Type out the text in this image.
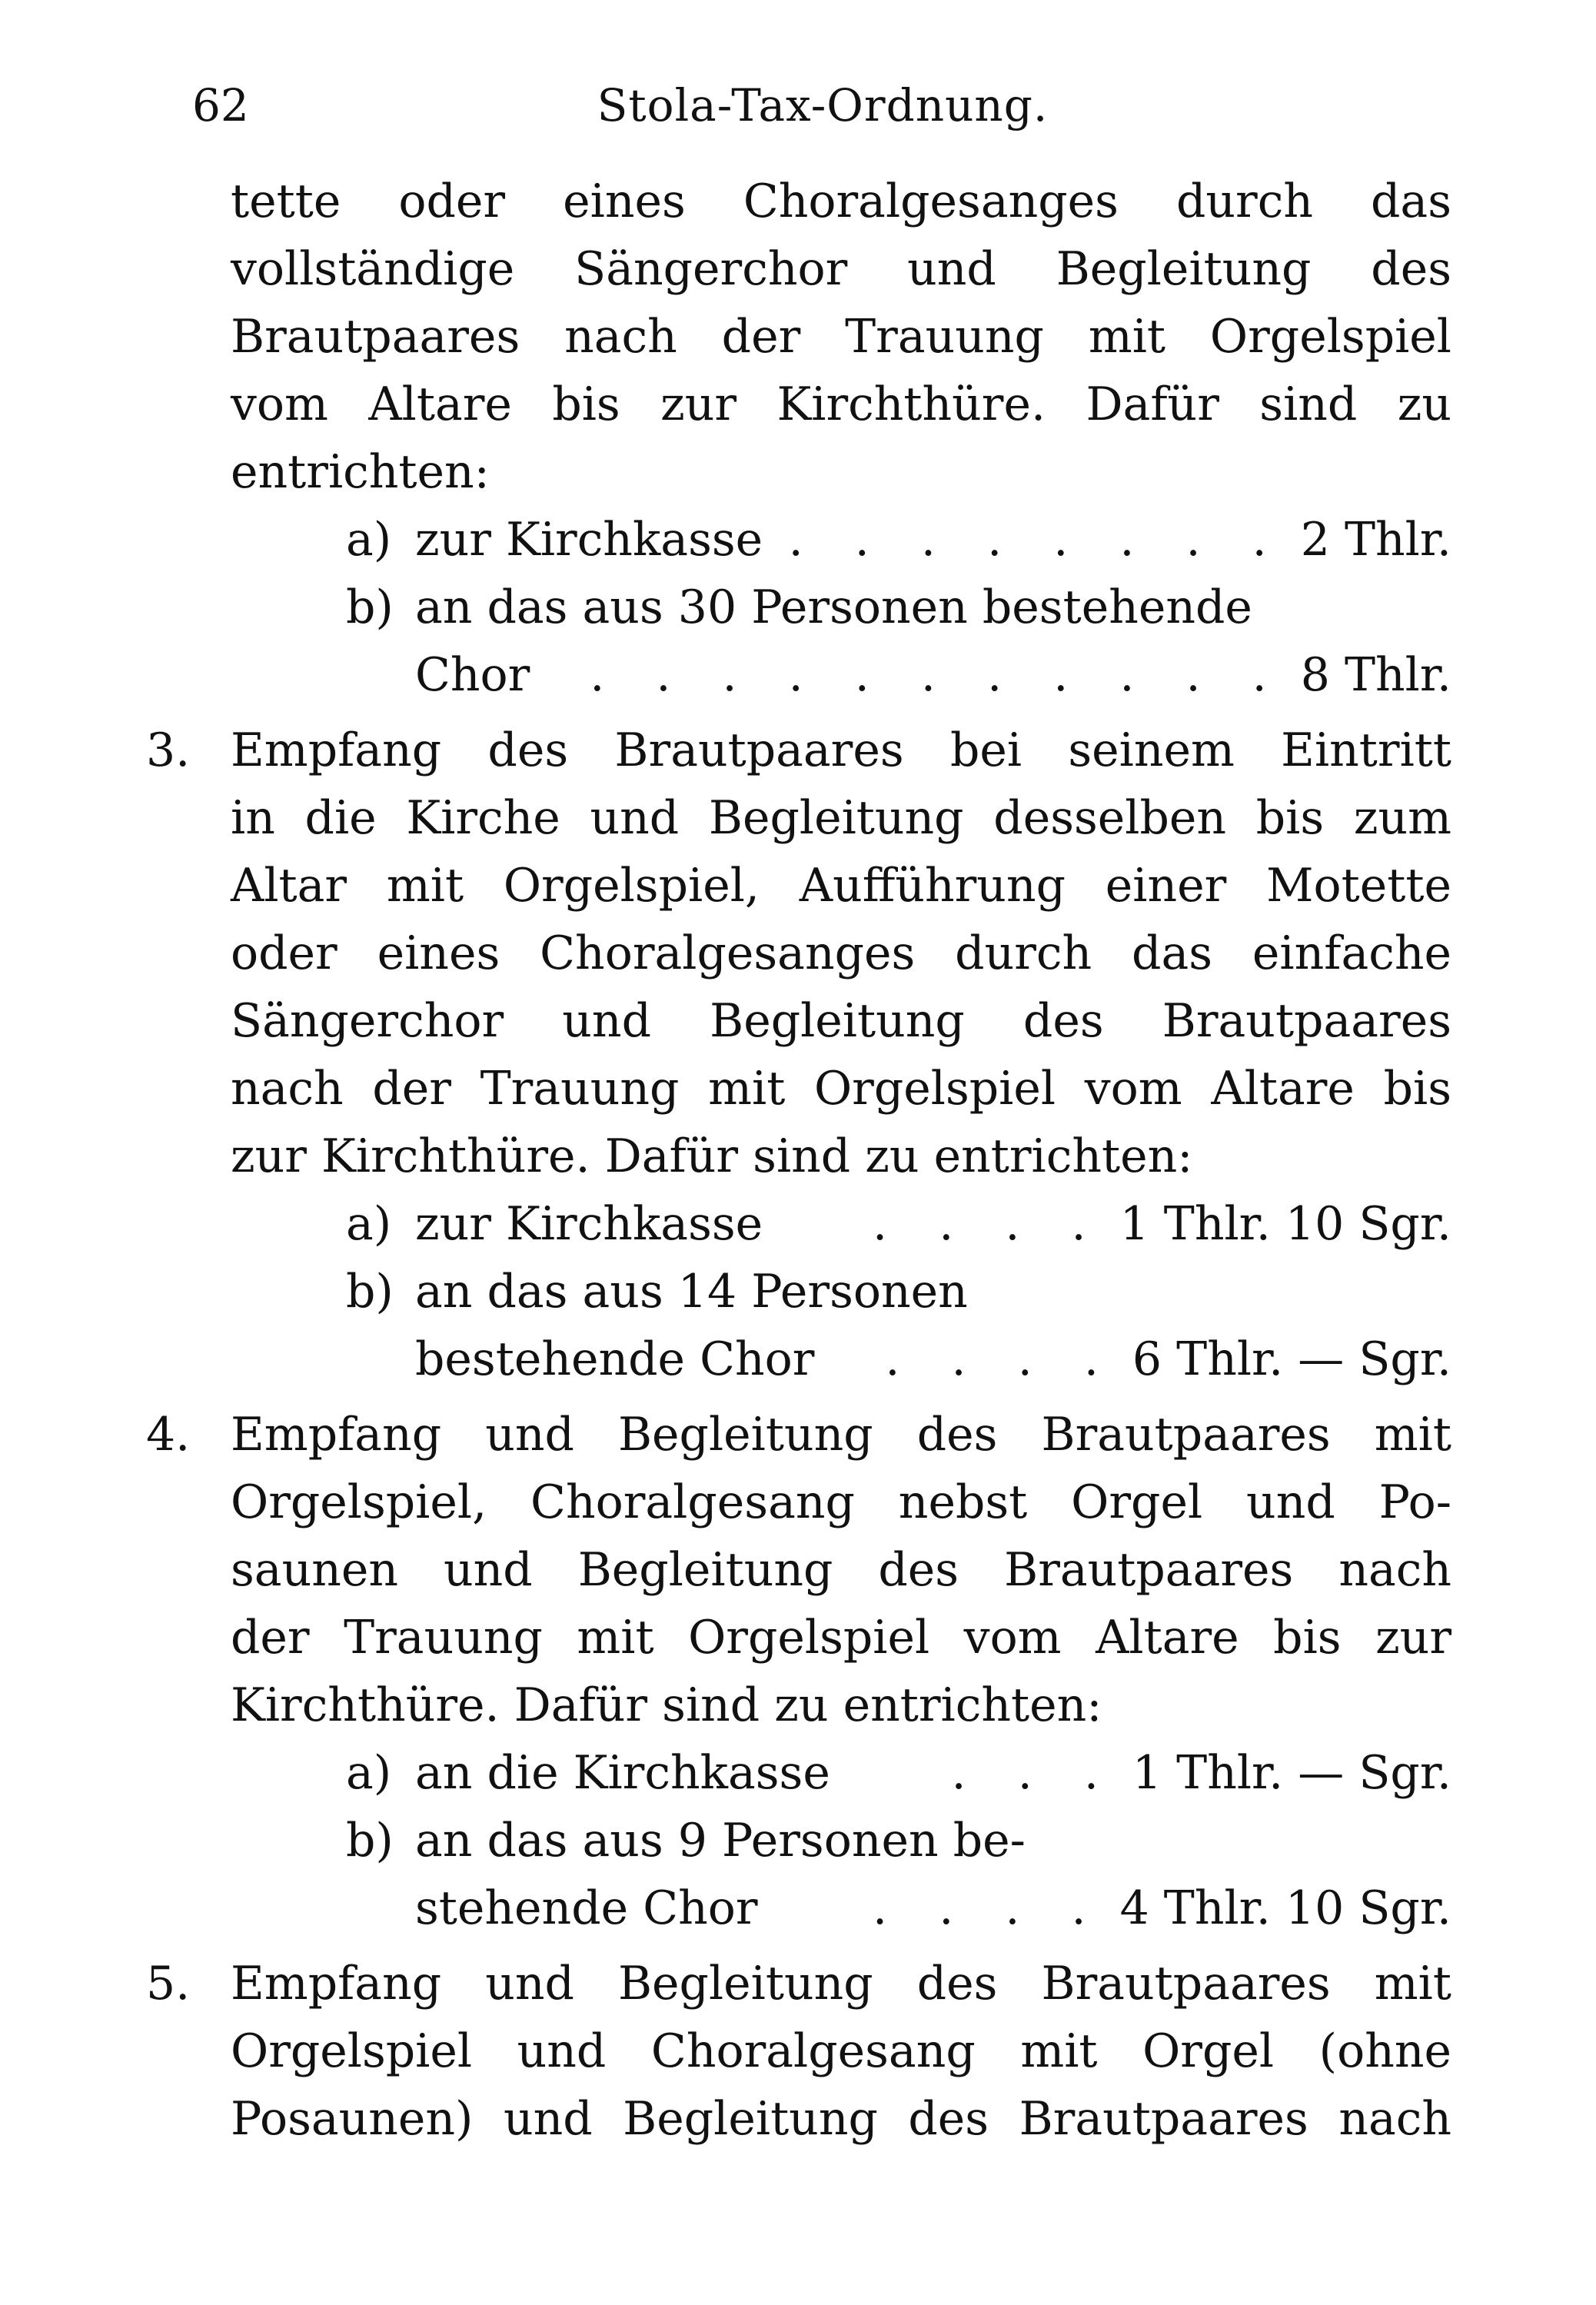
62	Stola-Tax-Ordnung.
tette oder eines Choralgesanges durch das
vollständige Sängerchor und Begleitung des
Brautpaares nach der Trauung mit Orgelspiel
vom Altare bis zur Kirchthüre. Dafür sind zu
entrichten:
a) zur Kirchkasse . . . . . . . . 2 Thlr.
b) an das aus 30 Personen bestehende
Chor	. . . . . . . . . . . 8 Thlr.
3. Empfang des Brautpaares bei seinem Eintritt
in die Kirche und Begleitung desselben bis zum
Altar mit Orgelspiel, Aufführung einer Motette
oder eines Choralgesanges durch das einfache
Sängerchor und Begleitung des Brautpaares
nach der Trauung mit Orgelspiel vom Altare bis
zur Kirchthüre. Dafür sind zu entrichten:
a) zur Kirchkasse	. . . . 1 Thlr. 10 Sgr.
b) an das aus 14 Personen
bestehende Chor	. . . . 6 Thlr. — Sgr.
4. Empfang und Begleitung des Brautpaares mit
Orgelspiel, Choralgesang nebst Orgel und Po-
saunen und Begleitung des Brautpaares nach
der Trauung mit Orgelspiel vom Altare bis zur
Kirchthüre. Dafür sind zu entrichten:
a) an die Kirchkasse	. . . 1 Thlr. — Sgr.
b) an das aus 9 Personen be-
stehende Chor	. . . . 4 Thlr. 10 Sgr.
5. Empfang und Begleitung des Brautpaares mit
Orgelspiel und Choralgesang mit Orgel (ohne
Posaunen) und Begleitung des Brautpaares nach
